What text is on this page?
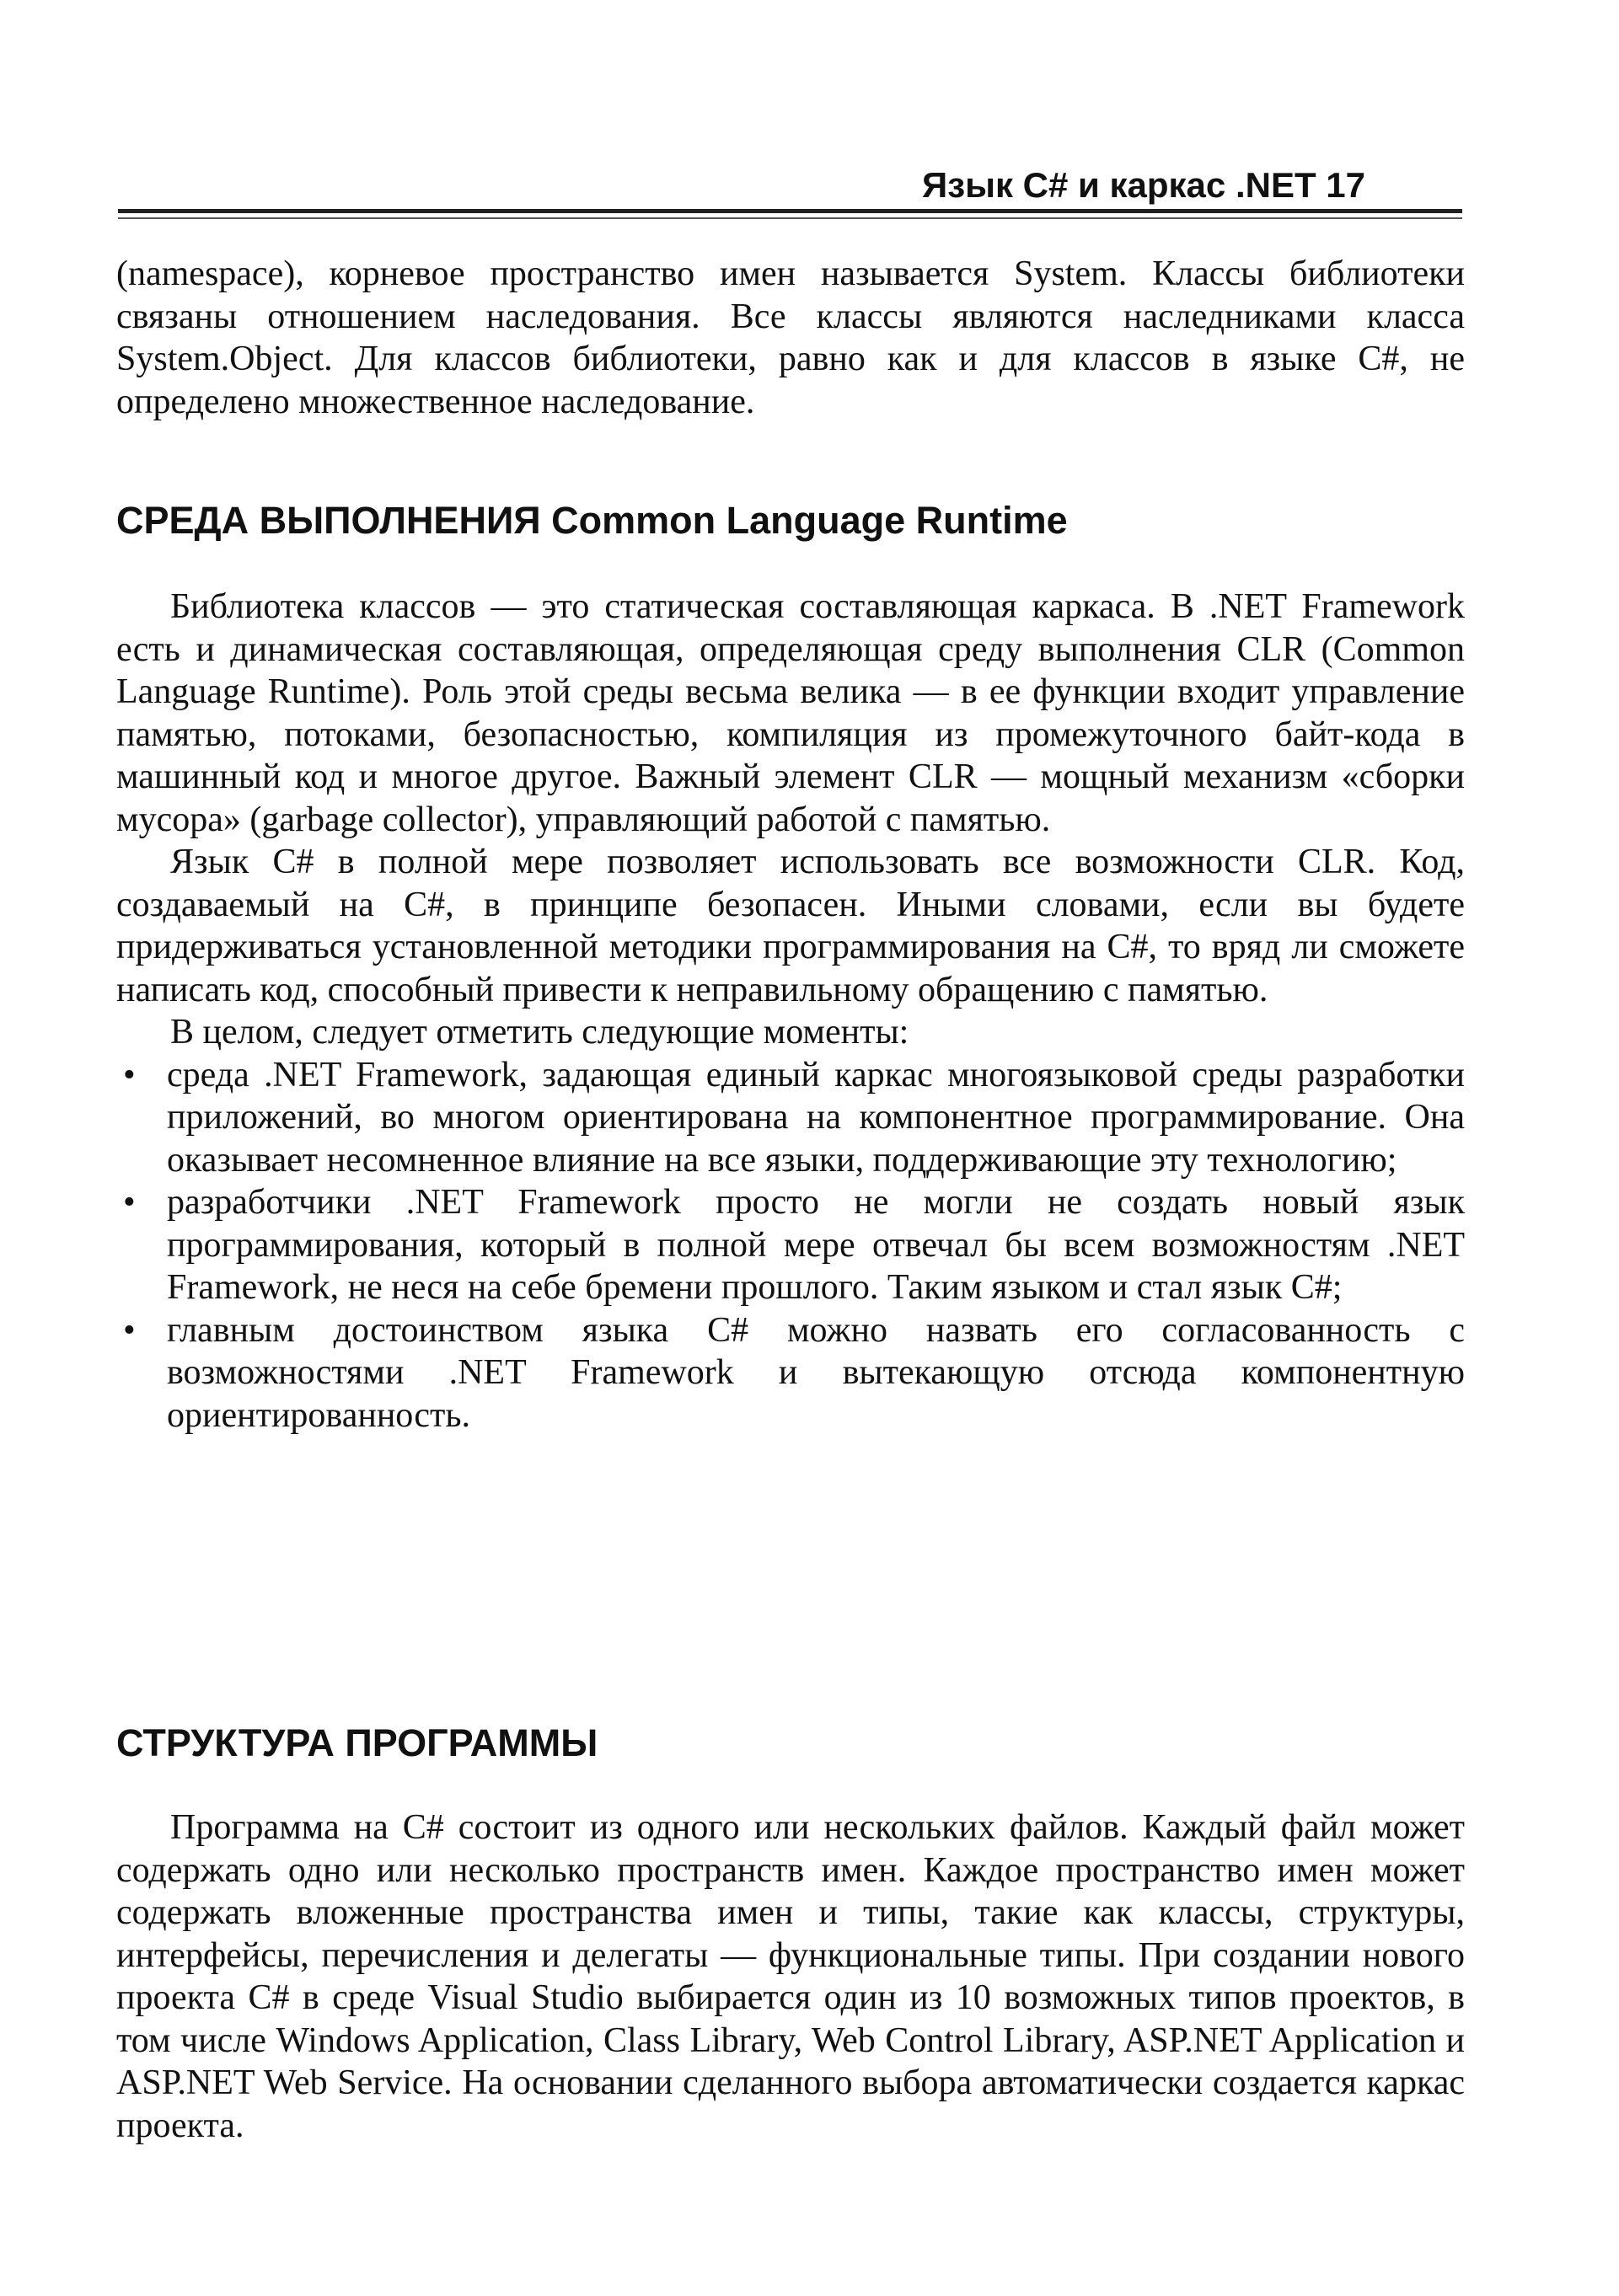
Язык C# и каркас .NET 17

(namespace), корневое пространство имен называется System. Классы библиотеки связаны отношением наследования. Все классы являются наследниками класса System.Object. Для классов библиотеки, равно как и для классов в языке C#, не определено множественное наследование.

СРЕДА ВЫПОЛНЕНИЯ Common Language Runtime

Библиотека классов — это статическая составляющая каркаса. В .NET Framework есть и динамическая составляющая, определяющая среду выполнения CLR (Common Language Runtime). Роль этой среды весьма велика — в ее функции входит управление памятью, потоками, безопасностью, компиляция из промежуточного байт-кода в машинный код и многое другое. Важный элемент CLR — мощный механизм «сборки мусора» (garbage collector), управляющий работой с памятью.

Язык C# в полной мере позволяет использовать все возможности CLR. Код, создаваемый на C#, в принципе безопасен. Иными словами, если вы будете придерживаться установленной методики программирования на C#, то вряд ли сможете написать код, способный привести к неправильному обращению с памятью.

В целом, следует отметить следующие моменты:

• среда .NET Framework, задающая единый каркас многоязыковой среды разработки приложений, во многом ориентирована на компонентное программирование. Она оказывает несомненное влияние на все языки, поддерживающие эту технологию;
• разработчики .NET Framework просто не могли не создать новый язык программирования, который в полной мере отвечал бы всем возможностям .NET Framework, не неся на себе бремени прошлого. Таким языком и стал язык C#;
• главным достоинством языка C# можно назвать его согласованность с возможностями .NET Framework и вытекающую отсюда компонентную ориентированность.
СТРУКТУРА ПРОГРАММЫ

Программа на C# состоит из одного или нескольких файлов. Каждый файл может содержать одно или несколько пространств имен. Каждое пространство имен может содержать вложенные пространства имен и типы, такие как классы, структуры, интерфейсы, перечисления и делегаты — функциональные типы. При создании нового проекта C# в среде Visual Studio выбирается один из 10 возможных типов проектов, в том числе Windows Application, Class Library, Web Control Library, ASP.NET Application и ASP.NET Web Service. На основании сделанного выбора автоматически создается каркас проекта.
